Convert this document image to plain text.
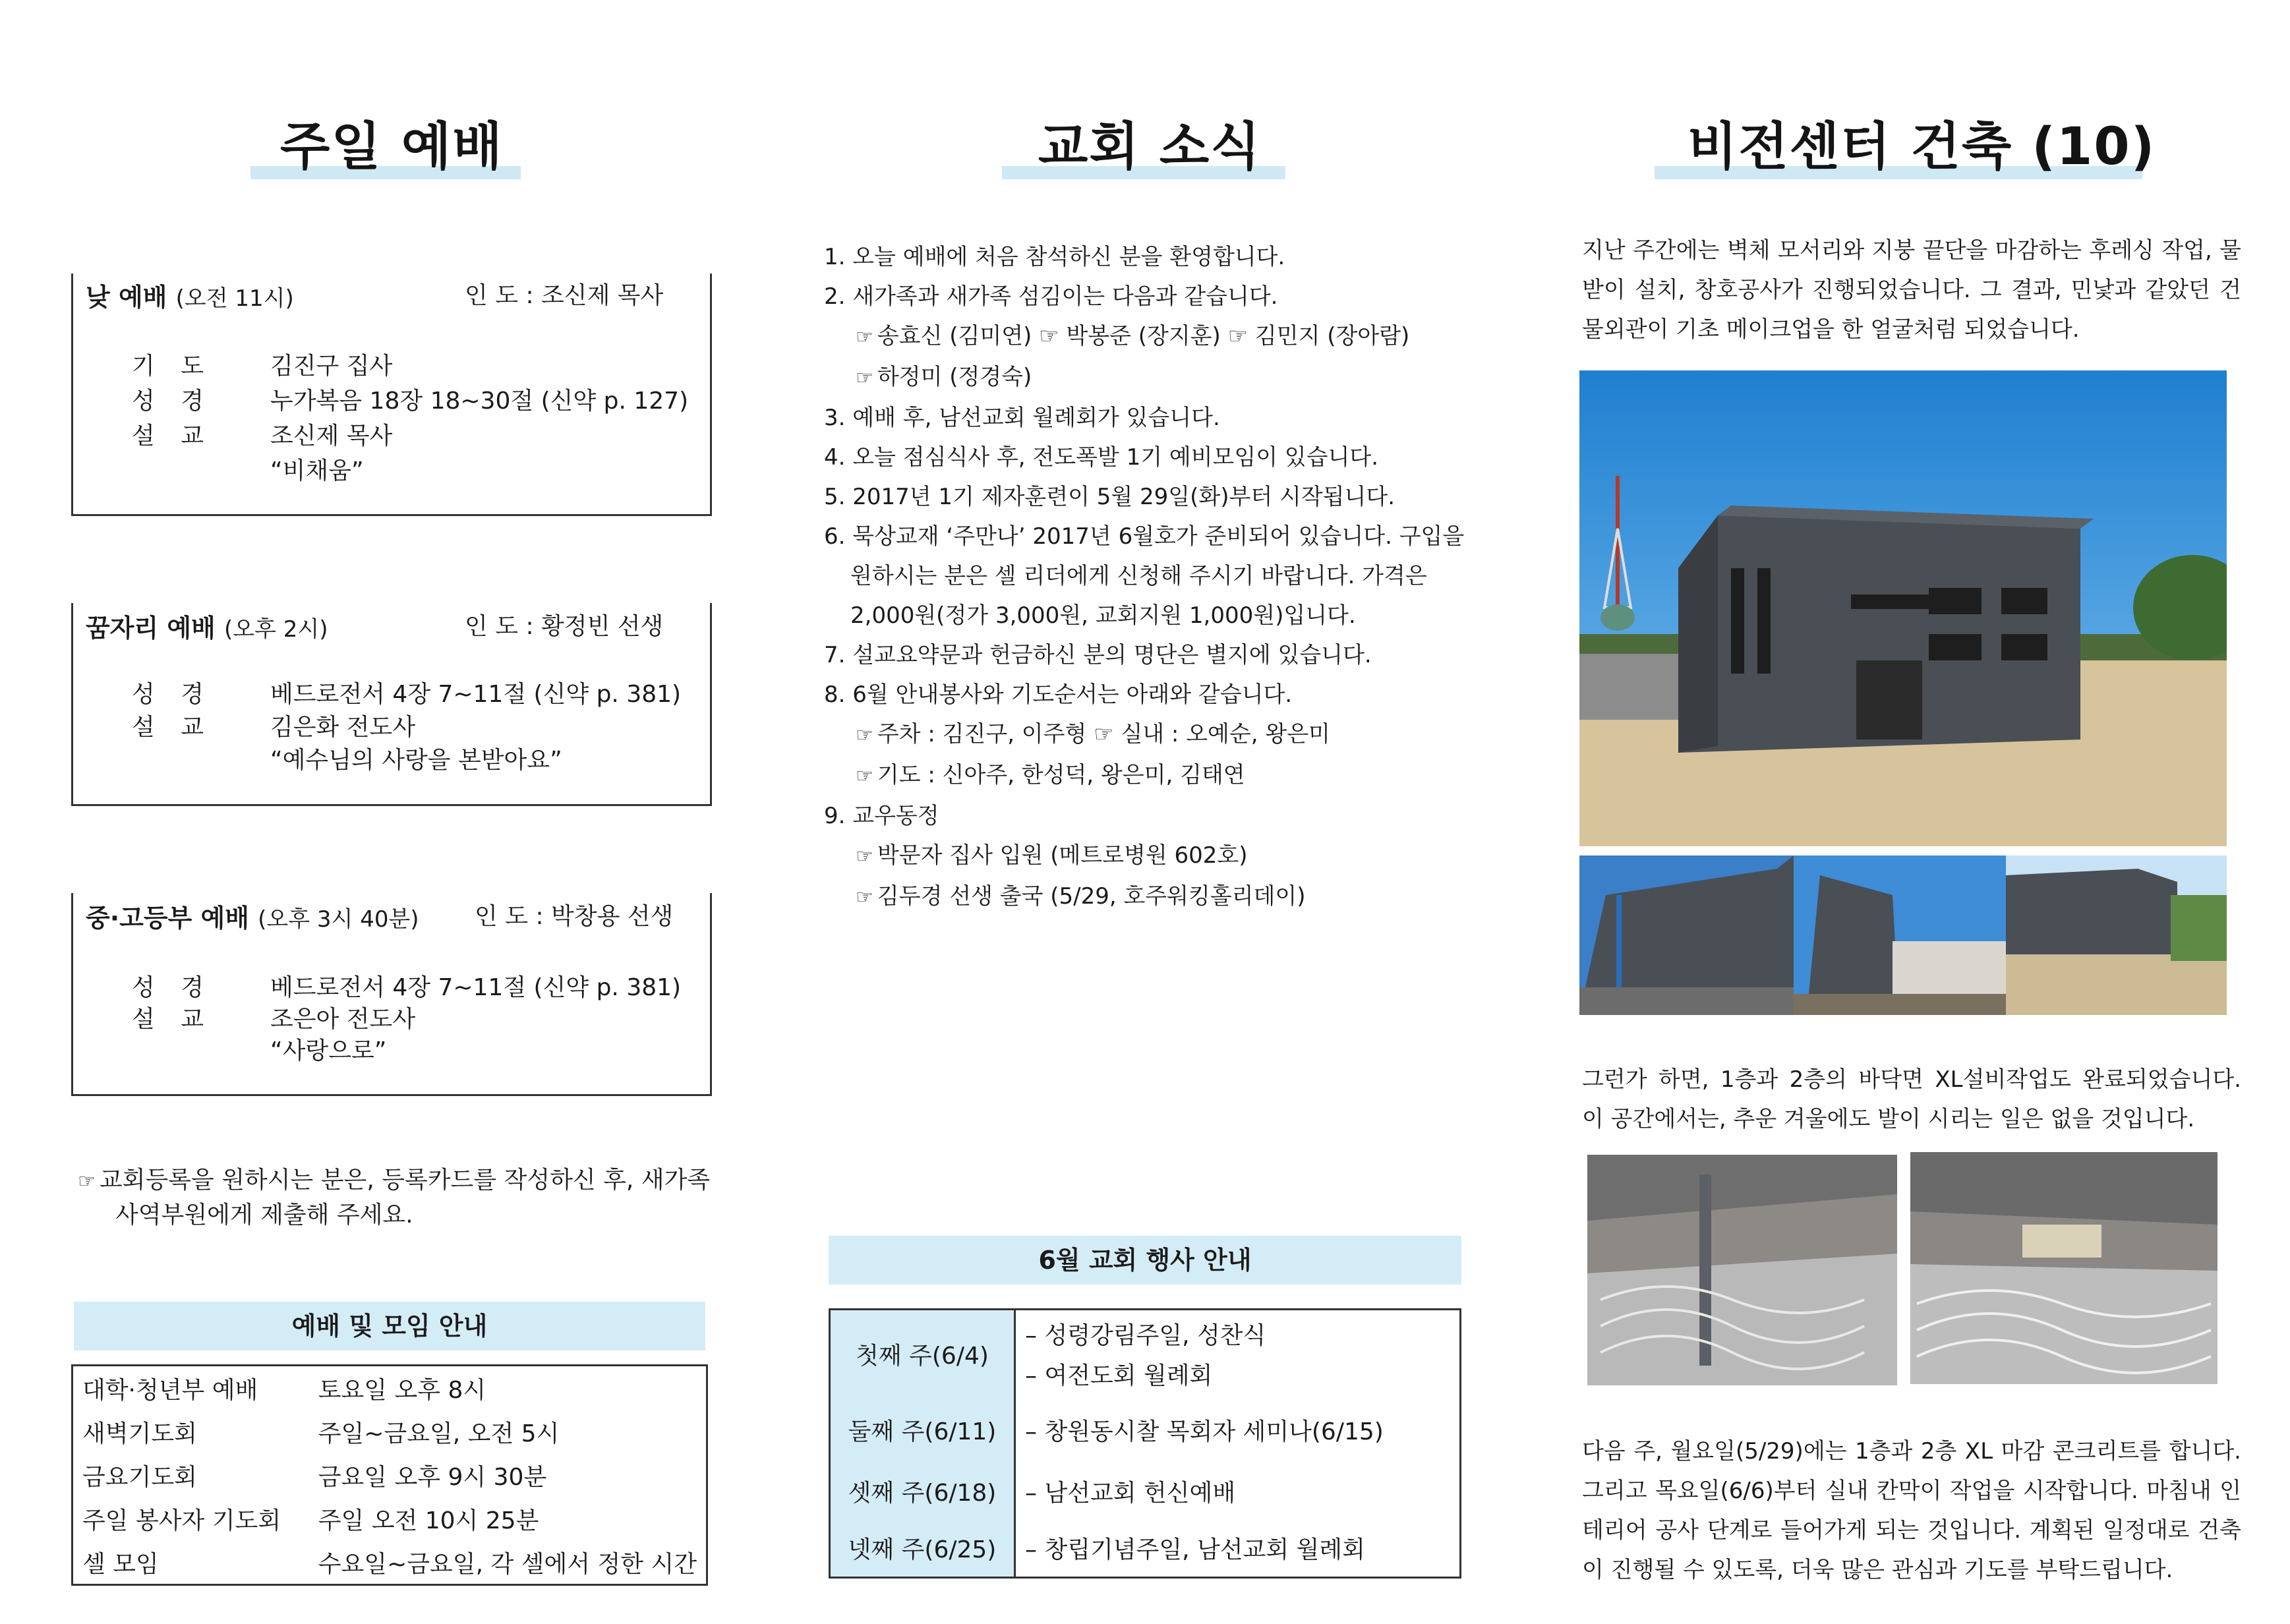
주일 예배
낮 예배 (오전 11시)	인 도 : 조신제 목사
기 도 김진구 집사
성 경 누가복음 18장 18~30절 (신약 p. 127)
설 교 조신제 목사
“비채움”
꿈자리 예배 (오후 2시)	인 도 : 황정빈 선생
성 경 베드로전서 4장 7~11절 (신약 p. 381)
설 교 김은화 전도사
“예수님의 사랑을 본받아요”
중·고등부 예배 (오후 3시 40분) 인 도 : 박창용 선생
성 경 베드로전서 4장 7~11절 (신약 p. 381)
설 교 조은아 전도사
“사랑으로”
☞ 교회등록을 원하시는 분은, 등록카드를 작성하신 후, 새가족
사역부원에게 제출해 주세요.
예배 및 모임 안내
대학·청년부 예배	토요일 오후 8시
새벽기도회	주일~금요일, 오전 5시
금요기도회	금요일 오후 9시 30분
주일 봉사자 기도회	주일 오전 10시 25분
셀 모임	수요일~금요일, 각 셀에서 정한 시간
교회 소식
1. 오늘 예배에 처음 참석하신 분을 환영합니다.
2. 새가족과 새가족 섬김이는 다음과 같습니다.
☞ 송효신 (김미연) ☞ 박봉준 (장지훈) ☞ 김민지 (장아람)
☞ 하정미 (정경숙)
3. 예배 후, 남선교회 월례회가 있습니다.
4. 오늘 점심식사 후, 전도폭발 1기 예비모임이 있습니다.
5. 2017년 1기 제자훈련이 5월 29일(화)부터 시작됩니다.
6. 묵상교재 ‘주만나’ 2017년 6월호가 준비되어 있습니다. 구입을
원하시는 분은 셀 리더에게 신청해 주시기 바랍니다. 가격은
2,000원(정가 3,000원, 교회지원 1,000원)입니다.
7. 설교요약문과 헌금하신 분의 명단은 별지에 있습니다.
8. 6월 안내봉사와 기도순서는 아래와 같습니다.
☞ 주차 : 김진구, 이주형 ☞ 실내 : 오예순, 왕은미
☞ 기도 : 신아주, 한성덕, 왕은미, 김태연
9. 교우동정
☞ 박문자 집사 입원 (메트로병원 602호)
☞ 김두경 선생 출국 (5/29, 호주워킹홀리데이)
6월 교회 행사 안내
첫째 주(6/4)	– 성령강림주일, 성찬식
– 여전도회 월례회

둘째 주(6/11)	– 창원동시찰 목회자 세미나(6/15)
셋째 주(6/18)	– 남선교회 헌신예배
넷째 주(6/25)	– 창립기념주일, 남선교회 월례회
비전센터 건축 (10)
지난 주간에는 벽체 모서리와 지붕 끝단을 마감하는 후레싱 작업, 물받이 설치, 창호공사가 진행되었습니다. 그 결과, 민낯과 같았던 건물외관이 기초 메이크업을 한 얼굴처럼 되었습니다.
그런가 하면, 1층과 2층의 바닥면 XL설비작업도 완료되었습니다. 이 공간에서는, 추운 겨울에도 발이 시리는 일은 없을 것입니다.
다음 주, 월요일(5/29)에는 1층과 2층 XL 마감 콘크리트를 합니다. 그리고 목요일(6/6)부터 실내 칸막이 작업을 시작합니다. 마침내 인테리어 공사 단계로 들어가게 되는 것입니다. 계획된 일정대로 건축이 진행될 수 있도록, 더욱 많은 관심과 기도를 부탁드립니다.
